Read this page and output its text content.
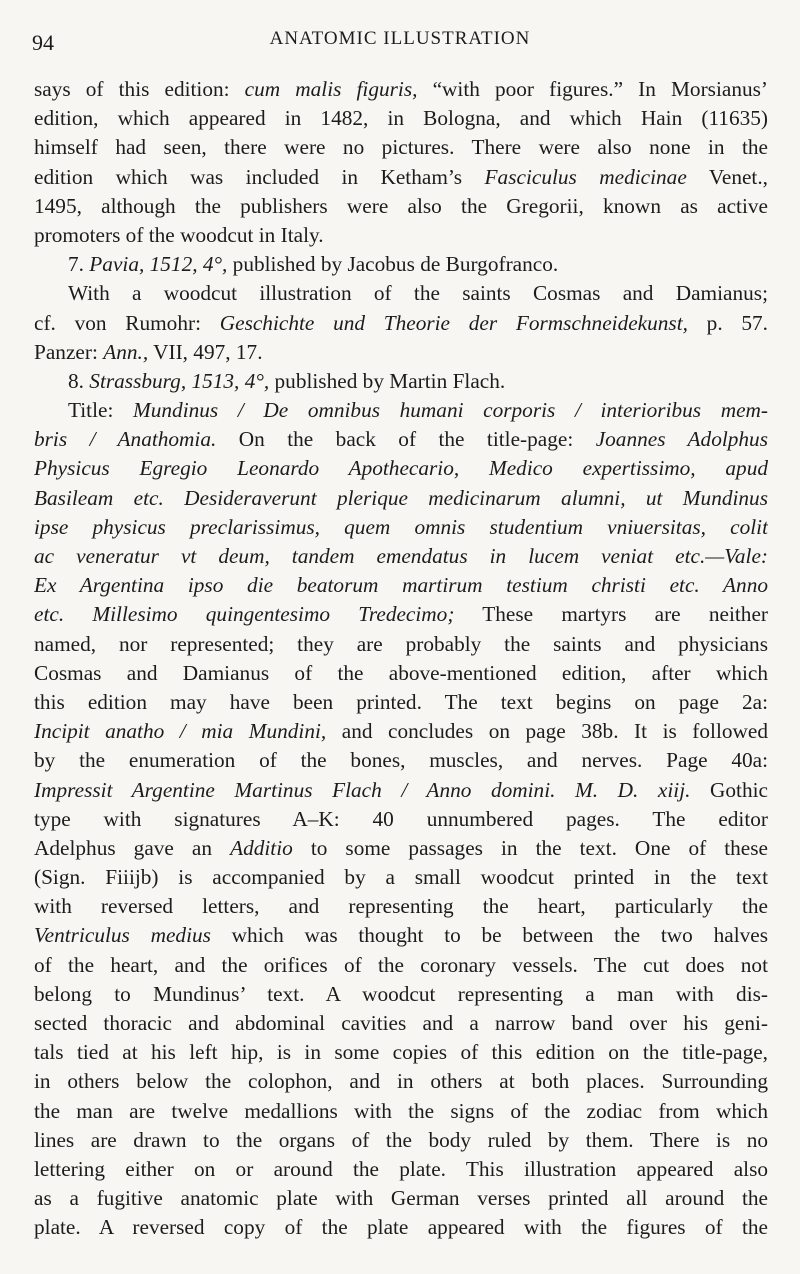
94	ANATOMIC ILLUSTRATION
says of this edition: cum malis figuris, “with poor figures.” In Morsianus’
edition, which appeared in 1482, in Bologna, and which Hain (11635)
himself had seen, there were no pictures. There were also none in the
edition which was included in Ketham’s Fasciculus medicinae Venet.,
1495, although the publishers were also the Gregorii, known as active
promoters of the woodcut in Italy.
7. Pavia, 1512, 4°, published by Jacobus de Burgofranco.
With a woodcut illustration of the saints Cosmas and Damianus;
cf. von Rumohr: Geschichte und Theorie der Formschneidekunst, p. 57.
Panzer: Ann., VII, 497, 17.
8. Strassburg, 1513, 4°, published by Martin Flach.
Title: Mundinus / De omnibus humani corporis / interioribus mem-
bris / Anathomia. On the back of the title-page: Joannes Adolphus
Physicus Egregio Leonardo Apothecario, Medico expertissimo, apud
Basileam etc. Desideraverunt plerique medicinarum alumni, ut Mundinus
ipse physicus preclarissimus, quem omnis studentium vniuersitas, colit
ac veneratur vt deum, tandem emendatus in lucem veniat etc.—Vale:
Ex Argentina ipso die beatorum martirum testium christi etc. Anno
etc. Millesimo quingentesimo Tredecimo; These martyrs are neither
named, nor represented; they are probably the saints and physicians
Cosmas and Damianus of the above-mentioned edition, after which
this edition may have been printed. The text begins on page 2a:
Incipit anatho / mia Mundini, and concludes on page 38b. It is followed
by the enumeration of the bones, muscles, and nerves. Page 40a:
Impressit Argentine Martinus Flach / Anno domini. M. D. xiij. Gothic
type with signatures A–K: 40 unnumbered pages. The editor
Adelphus gave an Additio to some passages in the text. One of these
(Sign. Fiiijb) is accompanied by a small woodcut printed in the text
with reversed letters, and representing the heart, particularly the
Ventriculus medius which was thought to be between the two halves
of the heart, and the orifices of the coronary vessels. The cut does not
belong to Mundinus’ text. A woodcut representing a man with dis-
sected thoracic and abdominal cavities and a narrow band over his geni-
tals tied at his left hip, is in some copies of this edition on the title-page,
in others below the colophon, and in others at both places. Surrounding
the man are twelve medallions with the signs of the zodiac from which
lines are drawn to the organs of the body ruled by them. There is no
lettering either on or around the plate. This illustration appeared also
as a fugitive anatomic plate with German verses printed all around the
plate. A reversed copy of the plate appeared with the figures of the
